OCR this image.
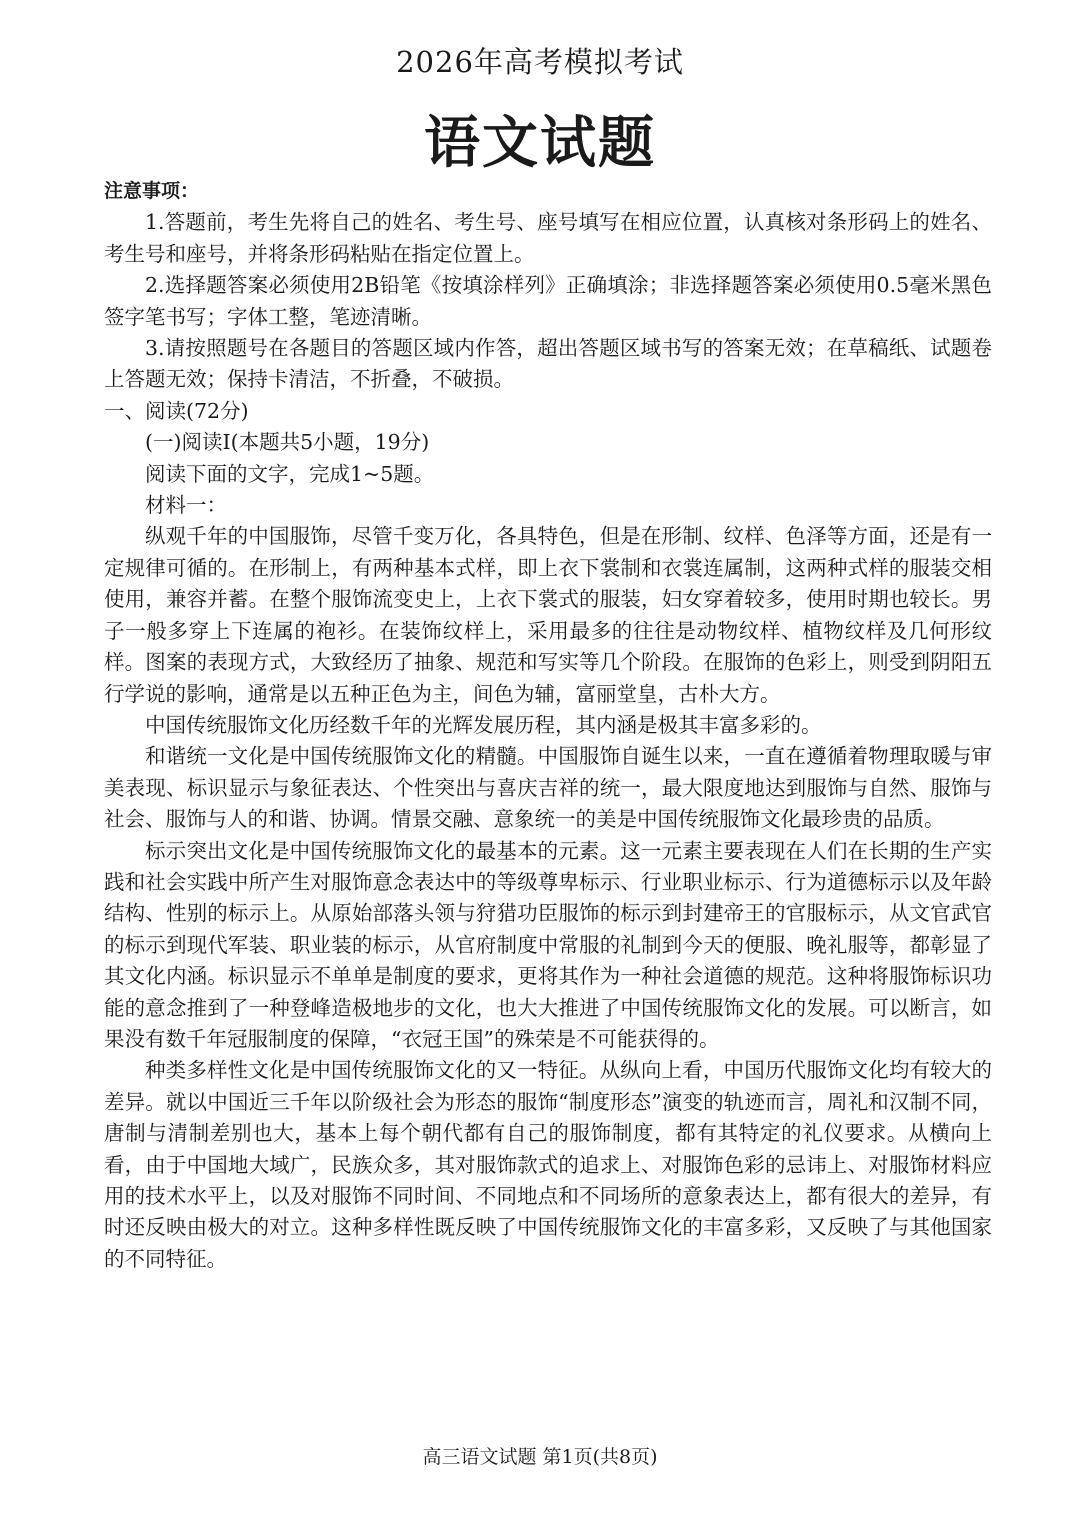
2026年高考模拟考试
语文试题

注意事项：

1.答题前，考生先将自己的姓名、考生号、座号填写在相应位置，认真核对条形码上的姓名、考生号和座号，并将条形码粘贴在指定位置上。

2.选择题答案必须使用2B铅笔《按填涂样列》正确填涂；非选择题答案必须使用0.5毫米黑色签字笔书写；字体工整，笔迹清晰。

3.请按照题号在各题目的答题区域内作答，超出答题区域书写的答案无效；在草稿纸、试题卷上答题无效；保持卡清洁，不折叠，不破损。

一、阅读(72分)

(一)阅读Ⅰ(本题共5小题，19分)

阅读下面的文字，完成1~5题。

材料一：

纵观千年的中国服饰，尽管千变万化，各具特色，但是在形制、纹样、色泽等方面，还是有一定规律可循的。在形制上，有两种基本式样，即上衣下裳制和衣裳连属制，这两种式样的服装交相使用，兼容并蓄。在整个服饰流变史上，上衣下裳式的服装，妇女穿着较多，使用时期也较长。男子一般多穿上下连属的袍衫。在装饰纹样上，采用最多的往往是动物纹样、植物纹样及几何形纹样。图案的表现方式，大致经历了抽象、规范和写实等几个阶段。在服饰的色彩上，则受到阴阳五行学说的影响，通常是以五种正色为主，间色为辅，富丽堂皇，古朴大方。

中国传统服饰文化历经数千年的光辉发展历程，其内涵是极其丰富多彩的。

和谐统一文化是中国传统服饰文化的精髓。中国服饰自诞生以来，一直在遵循着物理取暖与审美表现、标识显示与象征表达、个性突出与喜庆吉祥的统一，最大限度地达到服饰与自然、服饰与社会、服饰与人的和谐、协调。情景交融、意象统一的美是中国传统服饰文化最珍贵的品质。

标示突出文化是中国传统服饰文化的最基本的元素。这一元素主要表现在人们在长期的生产实践和社会实践中所产生对服饰意念表达中的等级尊卑标示、行业职业标示、行为道德标示以及年龄结构、性别的标示上。从原始部落头领与狩猎功臣服饰的标示到封建帝王的官服标示，从文官武官的标示到现代军装、职业装的标示，从官府制度中常服的礼制到今天的便服、晚礼服等，都彰显了其文化内涵。标识显示不单单是制度的要求，更将其作为一种社会道德的规范。这种将服饰标识功能的意念推到了一种登峰造极地步的文化，也大大推进了中国传统服饰文化的发展。可以断言，如果没有数千年冠服制度的保障，“衣冠王国”的殊荣是不可能获得的。

种类多样性文化是中国传统服饰文化的又一特征。从纵向上看，中国历代服饰文化均有较大的差异。就以中国近三千年以阶级社会为形态的服饰“制度形态”演变的轨迹而言，周礼和汉制不同，唐制与清制差别也大，基本上每个朝代都有自己的服饰制度，都有其特定的礼仪要求。从横向上看，由于中国地大域广，民族众多，其对服饰款式的追求上、对服饰色彩的忌讳上、对服饰材料应用的技术水平上，以及对服饰不同时间、不同地点和不同场所的意象表达上，都有很大的差异，有时还反映由极大的对立。这种多样性既反映了中国传统服饰文化的丰富多彩，又反映了与其他国家的不同特征。

高三语文试题 第1页(共8页)
